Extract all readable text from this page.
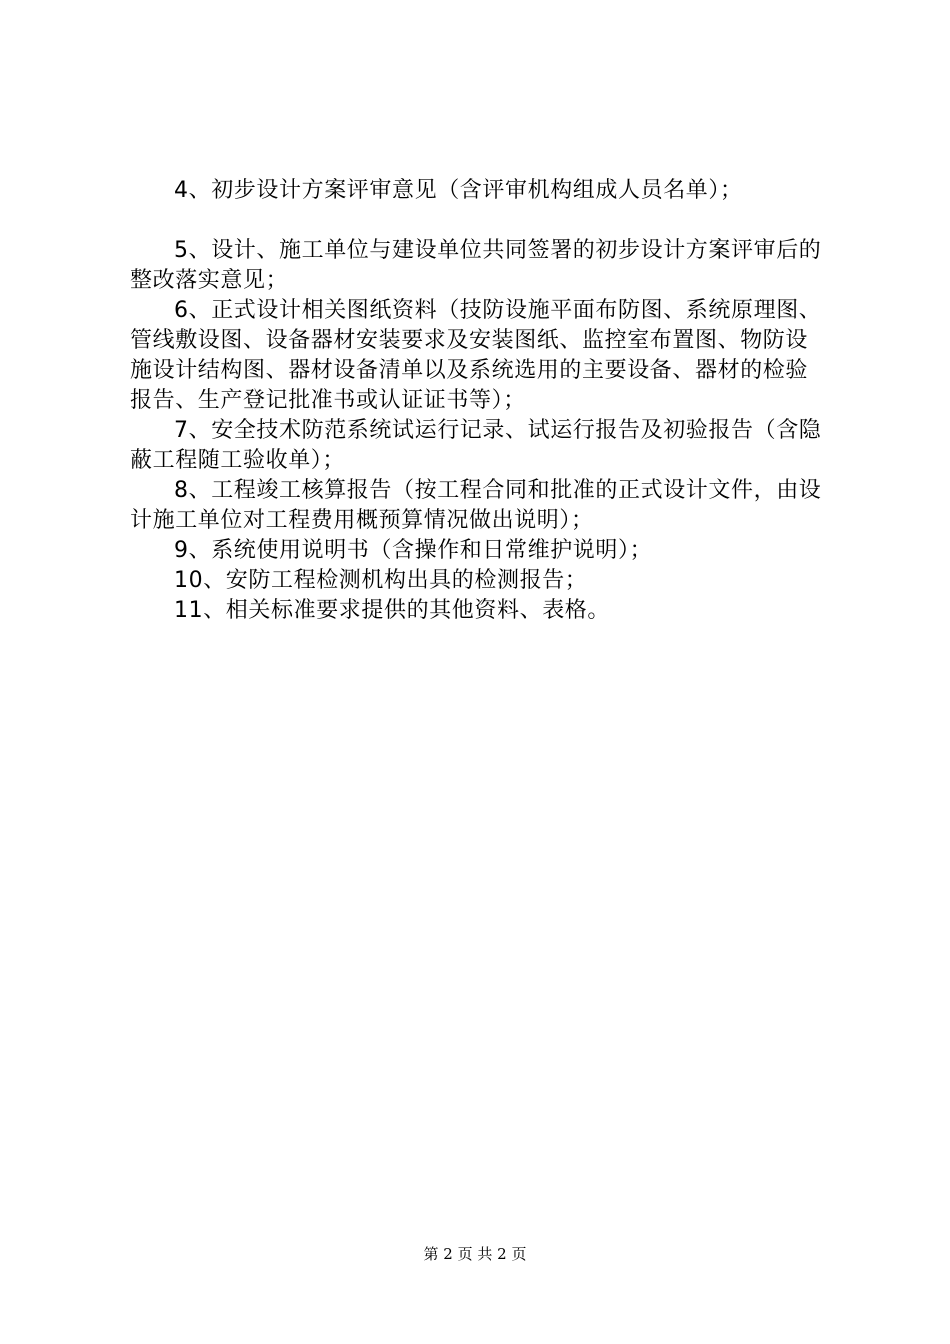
4、初步设计方案评审意见（含评审机构组成人员名单）；

5、设计、施工单位与建设单位共同签署的初步设计方案评审后的整改落实意见；

6、正式设计相关图纸资料（技防设施平面布防图、系统原理图、管线敷设图、设备器材安装要求及安装图纸、监控室布置图、物防设施设计结构图、器材设备清单以及系统选用的主要设备、器材的检验报告、生产登记批准书或认证证书等）；

7、安全技术防范系统试运行记录、试运行报告及初验报告（含隐蔽工程随工验收单）；

8、工程竣工核算报告（按工程合同和批准的正式设计文件，由设计施工单位对工程费用概预算情况做出说明）；

9、系统使用说明书（含操作和日常维护说明）；

10、安防工程检测机构出具的检测报告；

11、相关标准要求提供的其他资料、表格。

第 2 页 共 2 页
